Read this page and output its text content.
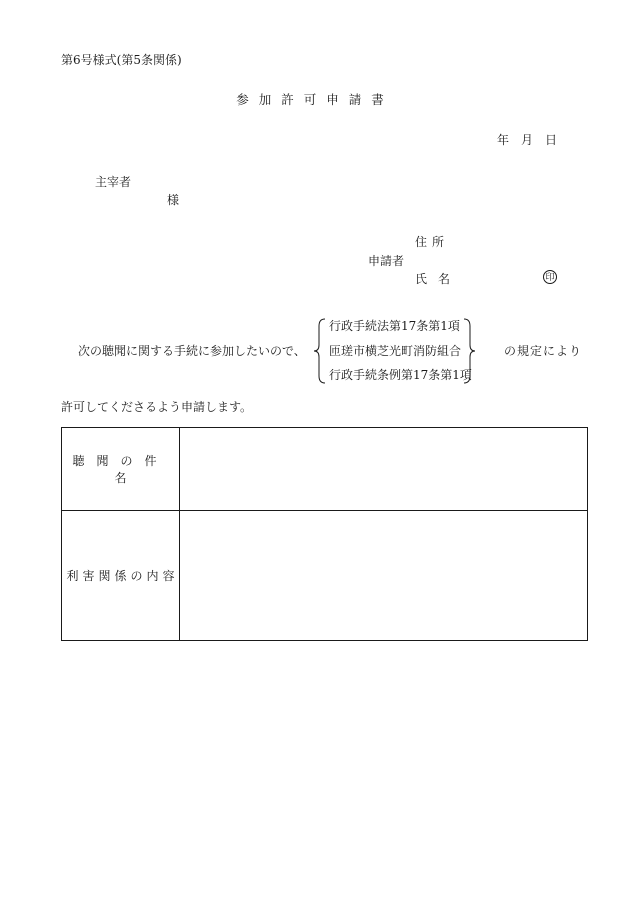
第6号様式(第5条関係)
参加許可申請書
年　月　日
主宰者
様
住所
申請者
氏名	印
次の聴聞に関する手続に参加したいので、
行政手続法第17条第1項
匝瑳市横芝光町消防組合
行政手続条例第17条第1項
の規定により
許可してくださるよう申請します。
聴聞の件名	
利害関係の内容	
